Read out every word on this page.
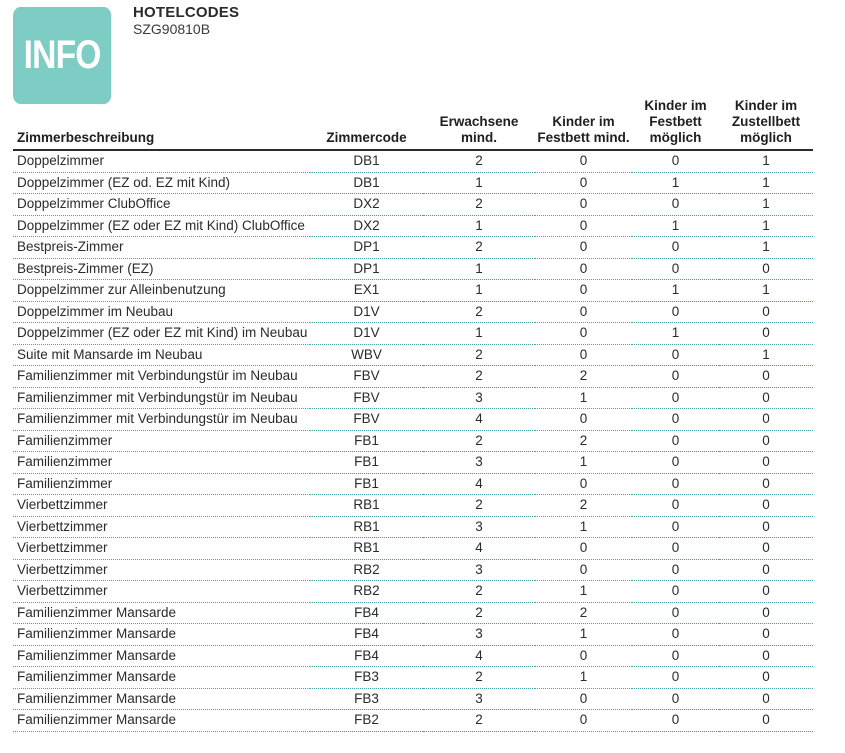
INFO
HOTELCODES
SZG90810B
Zimmerbeschreibung	Zimmercode	Erwachsene mind.	Kinder im Festbett mind.	Kinder im Festbett möglich	Kinder im Zustellbett möglich
Doppelzimmer	DB1	2	0	0	1
Doppelzimmer (EZ od. EZ mit Kind)	DB1	1	0	1	1
Doppelzimmer ClubOffice	DX2	2	0	0	1
Doppelzimmer (EZ oder EZ mit Kind) ClubOffice	DX2	1	0	1	1
Bestpreis-Zimmer	DP1	2	0	0	1
Bestpreis-Zimmer (EZ)	DP1	1	0	0	0
Doppelzimmer zur Alleinbenutzung	EX1	1	0	1	1
Doppelzimmer im Neubau	D1V	2	0	0	0
Doppelzimmer (EZ oder EZ mit Kind) im Neubau	D1V	1	0	1	0
Suite mit Mansarde im Neubau	WBV	2	0	0	1
Familienzimmer mit Verbindungstür im Neubau	FBV	2	2	0	0
Familienzimmer mit Verbindungstür im Neubau	FBV	3	1	0	0
Familienzimmer mit Verbindungstür im Neubau	FBV	4	0	0	0
Familienzimmer	FB1	2	2	0	0
Familienzimmer	FB1	3	1	0	0
Familienzimmer	FB1	4	0	0	0
Vierbettzimmer	RB1	2	2	0	0
Vierbettzimmer	RB1	3	1	0	0
Vierbettzimmer	RB1	4	0	0	0
Vierbettzimmer	RB2	3	0	0	0
Vierbettzimmer	RB2	2	1	0	0
Familienzimmer Mansarde	FB4	2	2	0	0
Familienzimmer Mansarde	FB4	3	1	0	0
Familienzimmer Mansarde	FB4	4	0	0	0
Familienzimmer Mansarde	FB3	2	1	0	0
Familienzimmer Mansarde	FB3	3	0	0	0
Familienzimmer Mansarde	FB2	2	0	0	0
